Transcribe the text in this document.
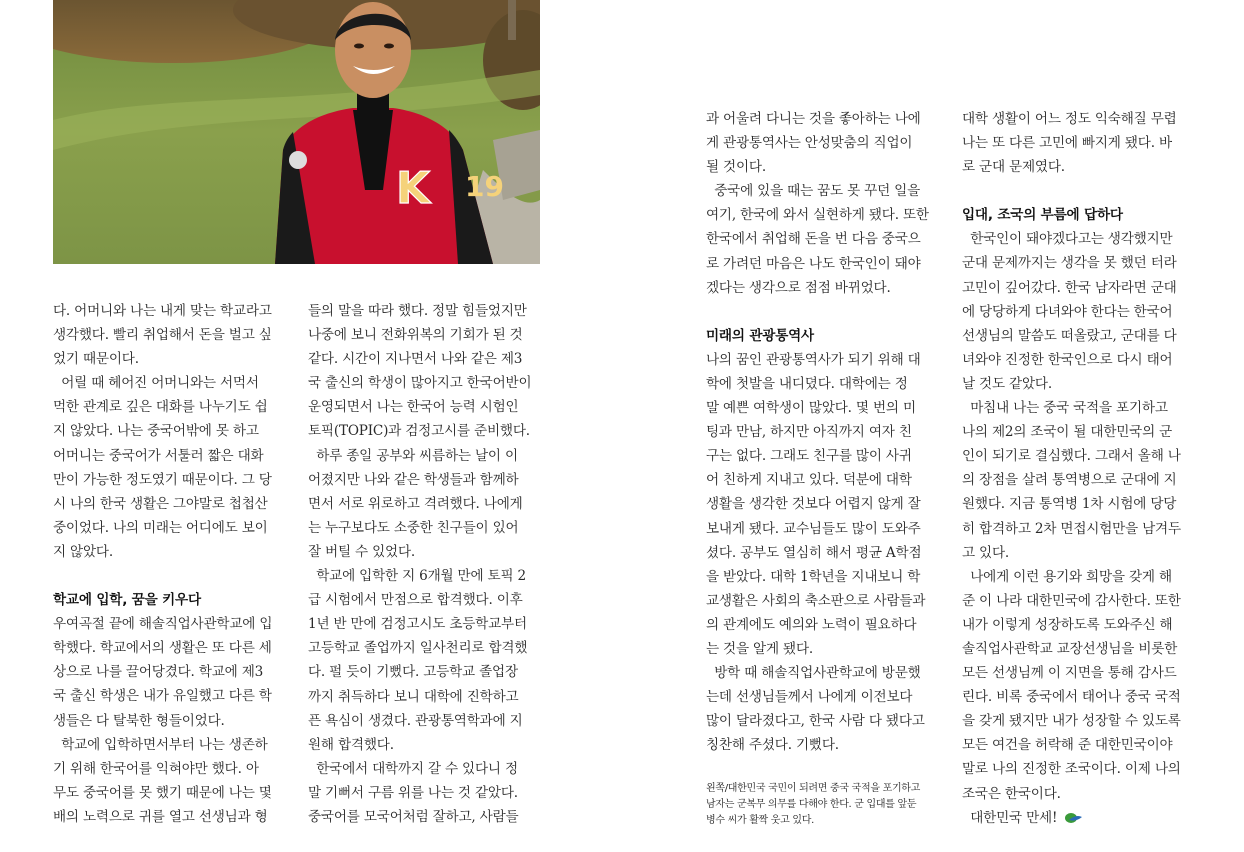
K 19

다. 어머니와 나는 내게 맞는 학교라고

생각했다. 빨리 취업해서 돈을 벌고 싶

었기 때문이다.

어릴 때 헤어진 어머니와는 서먹서

먹한 관계로 깊은 대화를 나누기도 쉽

지 않았다. 나는 중국어밖에 못 하고

어머니는 중국어가 서툴러 짧은 대화

만이 가능한 정도였기 때문이다. 그 당

시 나의 한국 생활은 그야말로 첩첩산

중이었다. 나의 미래는 어디에도 보이

지 않았다.

학교에 입학, 꿈을 키우다

우여곡절 끝에 해솔직업사관학교에 입

학했다. 학교에서의 생활은 또 다른 세

상으로 나를 끌어당겼다. 학교에 제3

국 출신 학생은 내가 유일했고 다른 학

생들은 다 탈북한 형들이었다.

학교에 입학하면서부터 나는 생존하

기 위해 한국어를 익혀야만 했다. 아

무도 중국어를 못 했기 때문에 나는 몇

배의 노력으로 귀를 열고 선생님과 형

들의 말을 따라 했다. 정말 힘들었지만

나중에 보니 전화위복의 기회가 된 것

같다. 시간이 지나면서 나와 같은 제3

국 출신의 학생이 많아지고 한국어반이

운영되면서 나는 한국어 능력 시험인

토픽(TOPIC)과 검정고시를 준비했다.

하루 종일 공부와 씨름하는 날이 이

어졌지만 나와 같은 학생들과 함께하

면서 서로 위로하고 격려했다. 나에게

는 누구보다도 소중한 친구들이 있어

잘 버틸 수 있었다.

학교에 입학한 지 6개월 만에 토픽 2

급 시험에서 만점으로 합격했다. 이후

1년 반 만에 검정고시도 초등학교부터

고등학교 졸업까지 일사천리로 합격했

다. 펄 듯이 기뻤다. 고등학교 졸업장

까지 취득하다 보니 대학에 진학하고

픈 욕심이 생겼다. 관광통역학과에 지

원해 합격했다.

한국에서 대학까지 갈 수 있다니 정

말 기뻐서 구름 위를 나는 것 같았다.

중국어를 모국어처럼 잘하고, 사람들

과 어울려 다니는 것을 좋아하는 나에

게 관광통역사는 안성맞춤의 직업이

될 것이다.

중국에 있을 때는 꿈도 못 꾸던 일을

여기, 한국에 와서 실현하게 됐다. 또한

한국에서 취업해 돈을 번 다음 중국으

로 가려던 마음은 나도 한국인이 돼야

겠다는 생각으로 점점 바뀌었다.

미래의 관광통역사

나의 꿈인 관광통역사가 되기 위해 대

학에 첫발을 내디뎠다. 대학에는 정

말 예쁜 여학생이 많았다. 몇 번의 미

팅과 만남, 하지만 아직까지 여자 친

구는 없다. 그래도 친구를 많이 사귀

어 친하게 지내고 있다. 덕분에 대학

생활을 생각한 것보다 어렵지 않게 잘

보내게 됐다. 교수님들도 많이 도와주

셨다. 공부도 열심히 해서 평균 A학점

을 받았다. 대학 1학년을 지내보니 학

교생활은 사회의 축소판으로 사람들과

의 관계에도 예의와 노력이 필요하다

는 것을 알게 됐다.

방학 때 해솔직업사관학교에 방문했

는데 선생님들께서 나에게 이전보다

많이 달라졌다고, 한국 사람 다 됐다고

칭찬해 주셨다. 기뻤다.

대학 생활이 어느 정도 익숙해질 무렵

나는 또 다른 고민에 빠지게 됐다. 바

로 군대 문제였다.

입대, 조국의 부름에 답하다

한국인이 돼야겠다고는 생각했지만

군대 문제까지는 생각을 못 했던 터라

고민이 깊어갔다. 한국 남자라면 군대

에 당당하게 다녀와야 한다는 한국어

선생님의 말씀도 떠올랐고, 군대를 다

녀와야 진정한 한국인으로 다시 태어

날 것도 같았다.

마침내 나는 중국 국적을 포기하고

나의 제2의 조국이 될 대한민국의 군

인이 되기로 결심했다. 그래서 올해 나

의 장점을 살려 통역병으로 군대에 지

원했다. 지금 통역병 1차 시험에 당당

히 합격하고 2차 면접시험만을 남겨두

고 있다.

나에게 이런 용기와 희망을 갖게 해

준 이 나라 대한민국에 감사한다. 또한

내가 이렇게 성장하도록 도와주신 해

솔직업사관학교 교장선생님을 비롯한

모든 선생님께 이 지면을 통해 감사드

린다. 비록 중국에서 태어나 중국 국적

을 갖게 됐지만 내가 성장할 수 있도록

모든 여건을 허락해 준 대한민국이야

말로 나의 진정한 조국이다. 이제 나의

조국은 한국이다.

대한민국 만세!

왼쪽/대한민국 국민이 되려면 중국 국적을 포기하고

남자는 군복무 의무를 다해야 한다. 군 입대를 앞둔

병수 씨가 활짝 웃고 있다.
